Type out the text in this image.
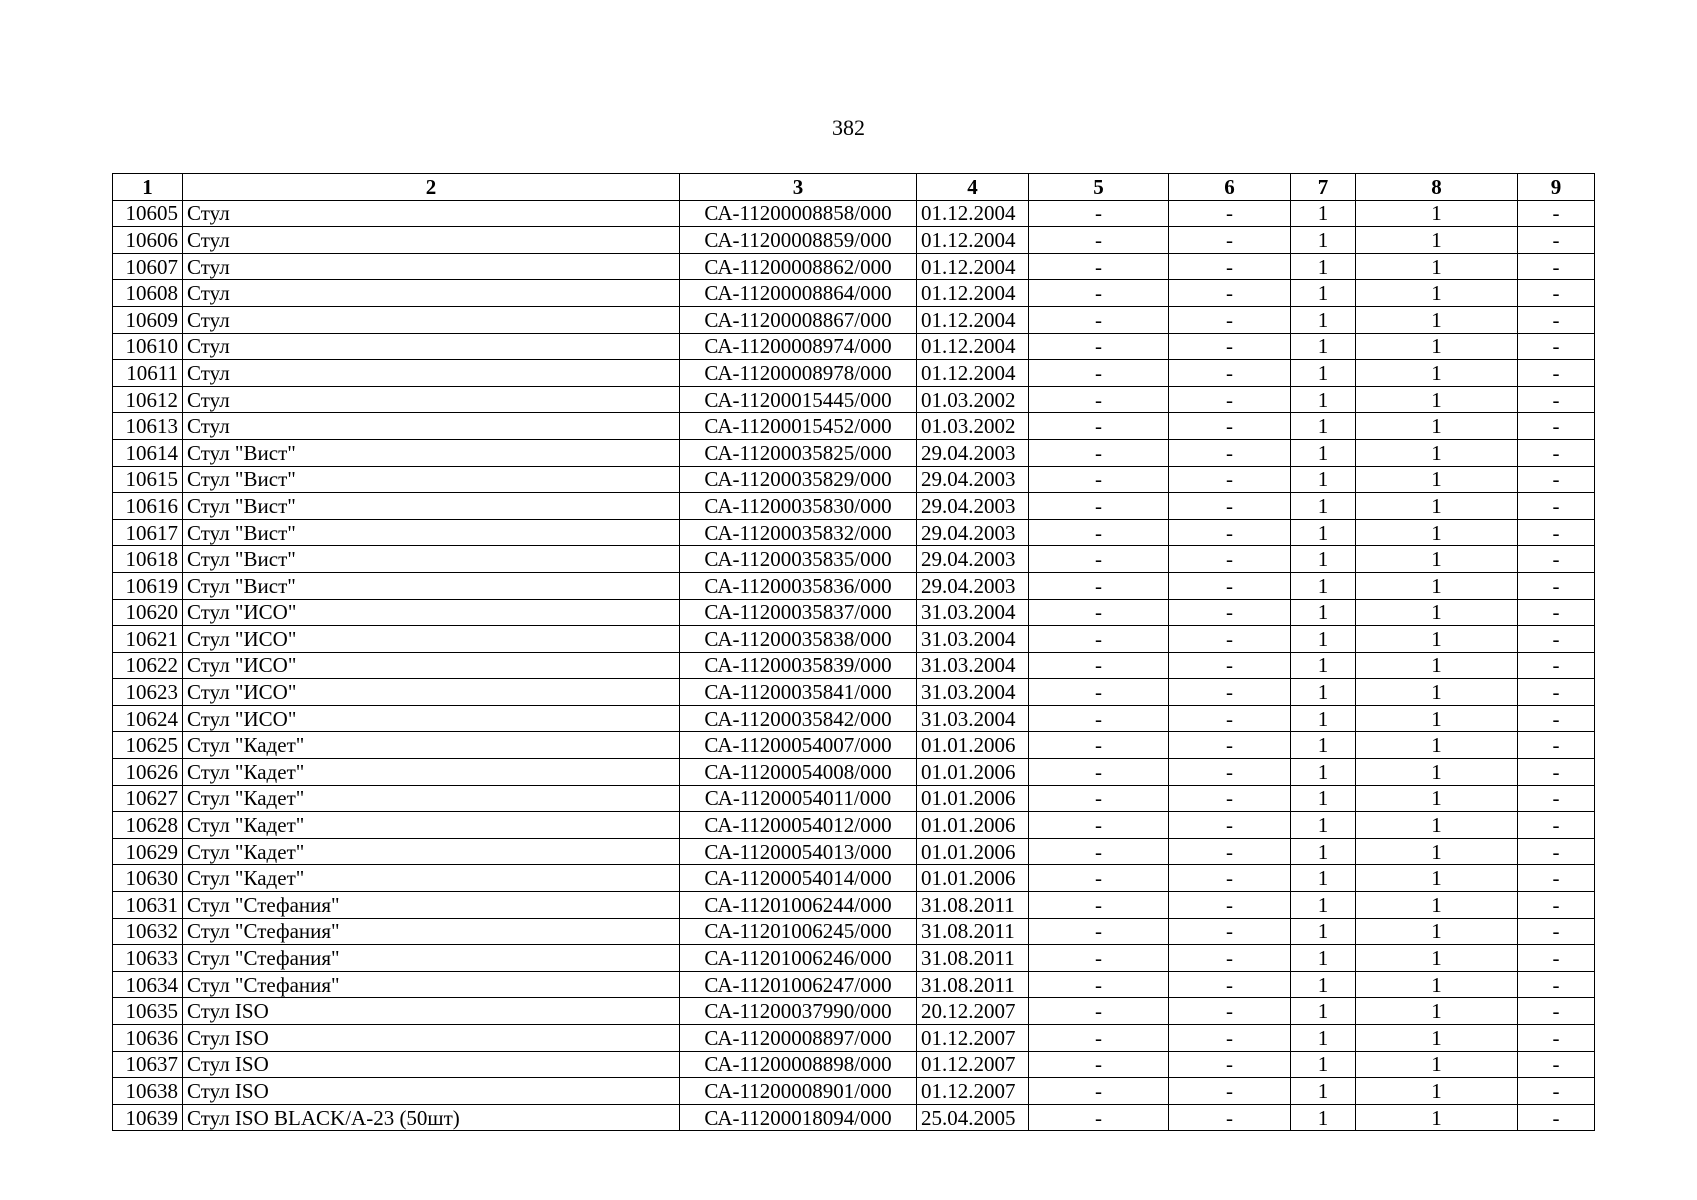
382
1	2	3	4	5	6	7	8	9
10605	Стул	СА-11200008858/000	01.12.2004	-	-	1	1	-
10606	Стул	СА-11200008859/000	01.12.2004	-	-	1	1	-
10607	Стул	СА-11200008862/000	01.12.2004	-	-	1	1	-
10608	Стул	СА-11200008864/000	01.12.2004	-	-	1	1	-
10609	Стул	СА-11200008867/000	01.12.2004	-	-	1	1	-
10610	Стул	СА-11200008974/000	01.12.2004	-	-	1	1	-
10611	Стул	СА-11200008978/000	01.12.2004	-	-	1	1	-
10612	Стул	СА-11200015445/000	01.03.2002	-	-	1	1	-
10613	Стул	СА-11200015452/000	01.03.2002	-	-	1	1	-
10614	Стул "Вист"	СА-11200035825/000	29.04.2003	-	-	1	1	-
10615	Стул "Вист"	СА-11200035829/000	29.04.2003	-	-	1	1	-
10616	Стул "Вист"	СА-11200035830/000	29.04.2003	-	-	1	1	-
10617	Стул "Вист"	СА-11200035832/000	29.04.2003	-	-	1	1	-
10618	Стул "Вист"	СА-11200035835/000	29.04.2003	-	-	1	1	-
10619	Стул "Вист"	СА-11200035836/000	29.04.2003	-	-	1	1	-
10620	Стул "ИСО"	СА-11200035837/000	31.03.2004	-	-	1	1	-
10621	Стул "ИСО"	СА-11200035838/000	31.03.2004	-	-	1	1	-
10622	Стул "ИСО"	СА-11200035839/000	31.03.2004	-	-	1	1	-
10623	Стул "ИСО"	СА-11200035841/000	31.03.2004	-	-	1	1	-
10624	Стул "ИСО"	СА-11200035842/000	31.03.2004	-	-	1	1	-
10625	Стул "Кадет"	СА-11200054007/000	01.01.2006	-	-	1	1	-
10626	Стул "Кадет"	СА-11200054008/000	01.01.2006	-	-	1	1	-
10627	Стул "Кадет"	СА-11200054011/000	01.01.2006	-	-	1	1	-
10628	Стул "Кадет"	СА-11200054012/000	01.01.2006	-	-	1	1	-
10629	Стул "Кадет"	СА-11200054013/000	01.01.2006	-	-	1	1	-
10630	Стул "Кадет"	СА-11200054014/000	01.01.2006	-	-	1	1	-
10631	Стул "Стефания"	СА-11201006244/000	31.08.2011	-	-	1	1	-
10632	Стул "Стефания"	СА-11201006245/000	31.08.2011	-	-	1	1	-
10633	Стул "Стефания"	СА-11201006246/000	31.08.2011	-	-	1	1	-
10634	Стул "Стефания"	СА-11201006247/000	31.08.2011	-	-	1	1	-
10635	Стул ISO	СА-11200037990/000	20.12.2007	-	-	1	1	-
10636	Стул ISO	СА-11200008897/000	01.12.2007	-	-	1	1	-
10637	Стул ISO	СА-11200008898/000	01.12.2007	-	-	1	1	-
10638	Стул ISO	СА-11200008901/000	01.12.2007	-	-	1	1	-
10639	Стул ISO BLACK/A-23 (50шт)	СА-11200018094/000	25.04.2005	-	-	1	1	-
